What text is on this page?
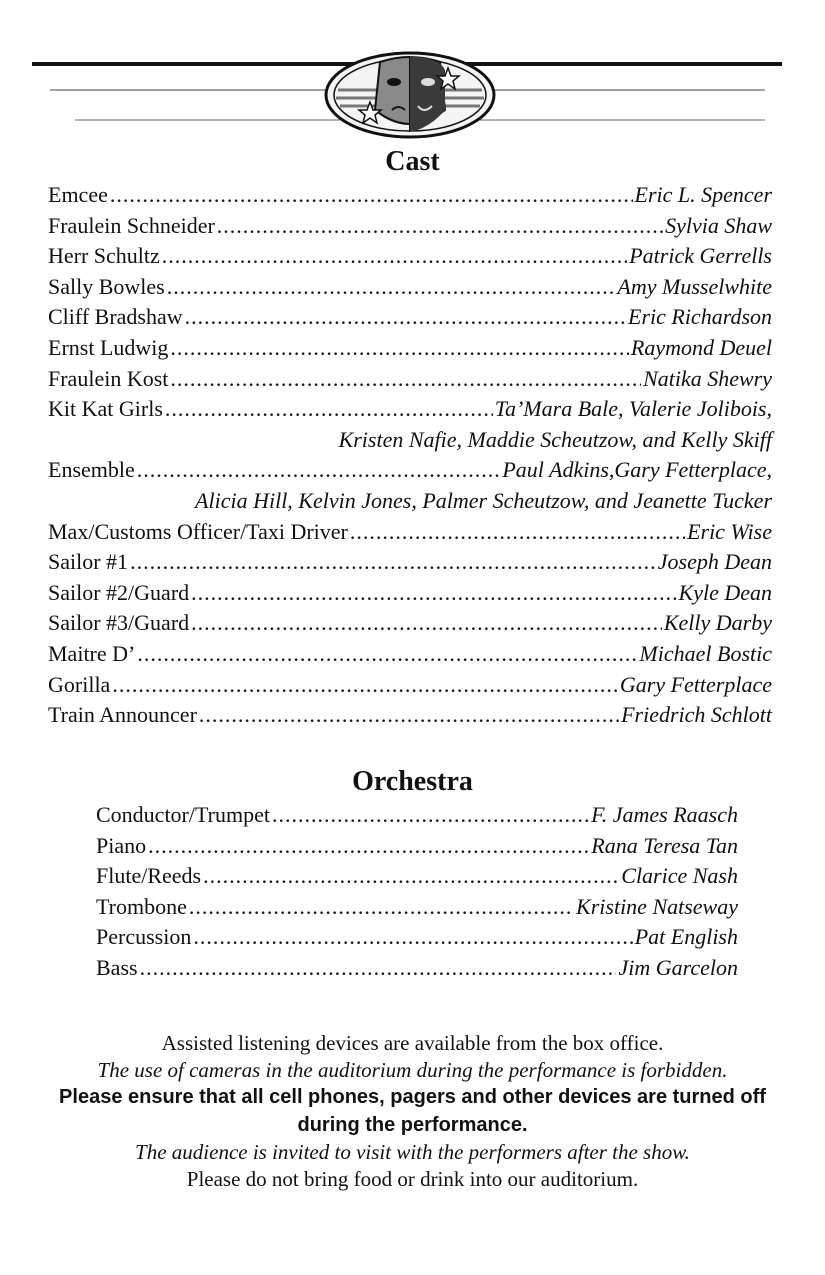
Cast
Emcee .....	Eric L. Spencer
Fraulein Schneider .....	Sylvia Shaw
Herr Schultz .....	Patrick Gerrells
Sally Bowles .....	Amy Musselwhite
Cliff Bradshaw .....	Eric Richardson
Ernst Ludwig .....	Raymond Deuel
Fraulein Kost .....	Natika Shewry
Kit Kat Girls .....	Ta’Mara Bale, Valerie Jolibois,
Kristen Nafie, Maddie Scheutzow, and Kelly Skiff
Ensemble .....	Paul Adkins,Gary Fetterplace,
Alicia Hill, Kelvin Jones, Palmer Scheutzow, and Jeanette Tucker
Max/Customs Officer/Taxi Driver .....	Eric Wise
Sailor #1 .....	Joseph Dean
Sailor #2/Guard .....	Kyle Dean
Sailor #3/Guard .....	Kelly Darby
Maitre D’ .....	Michael Bostic
Gorilla .....	Gary Fetterplace
Train Announcer .....	Friedrich Schlott
Orchestra
Conductor/Trumpet .....	F. James Raasch
Piano .....	Rana Teresa Tan
Flute/Reeds .....	Clarice Nash
Trombone .....	Kristine Natseway
Percussion .....	Pat English
Bass .....	Jim Garcelon

Assisted listening devices are available from the box office.

The use of cameras in the auditorium during the performance is forbidden.

Please ensure that all cell phones, pagers and other devices are turned off during the performance.

The audience is invited to visit with the performers after the show.

Please do not bring food or drink into our auditorium.
